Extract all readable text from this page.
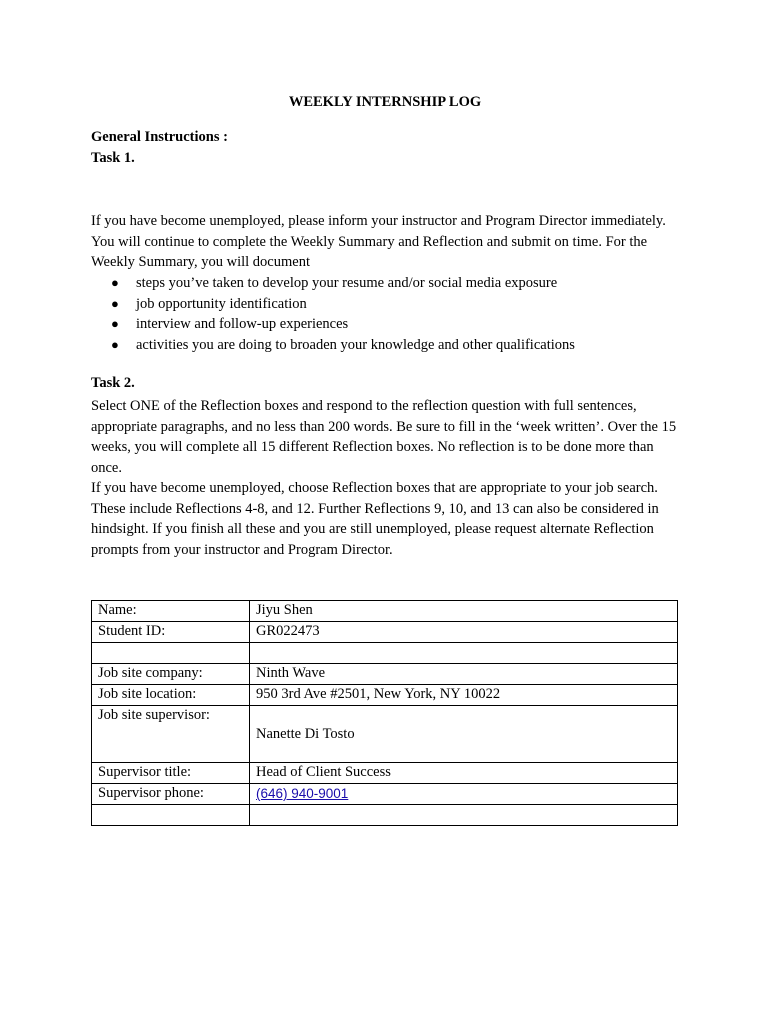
WEEKLY INTERNSHIP LOG
General Instructions :
Task 1.
If you have become unemployed, please inform your instructor and Program Director immediately. You will continue to complete the Weekly Summary and Reflection and submit on time. For the Weekly Summary, you will document
● steps you’ve taken to develop your resume and/or social media exposure
● job opportunity identification
● interview and follow-up experiences
● activities you are doing to broaden your knowledge and other qualifications
Task 2.
Select ONE of the Reflection boxes and respond to the reflection question with full sentences, appropriate paragraphs, and no less than 200 words. Be sure to fill in the ‘week written’. Over the 15 weeks, you will complete all 15 different Reflection boxes. No reflection is to be done more than once.
If you have become unemployed, choose Reflection boxes that are appropriate to your job search. These include Reflections 4-8, and 12. Further Reflections 9, 10, and 13 can also be considered in hindsight. If you finish all these and you are still unemployed, please request alternate Reflection prompts from your instructor and Program Director.
Name:	Jiyu Shen
Student ID:	GR022473

Job site company:	Ninth Wave
Job site location:	950 3rd Ave #2501, New York, NY 10022
Job site supervisor:	Nanette Di Tosto
Supervisor title:	Head of Client Success
Supervisor phone:	(646) 940-9001
